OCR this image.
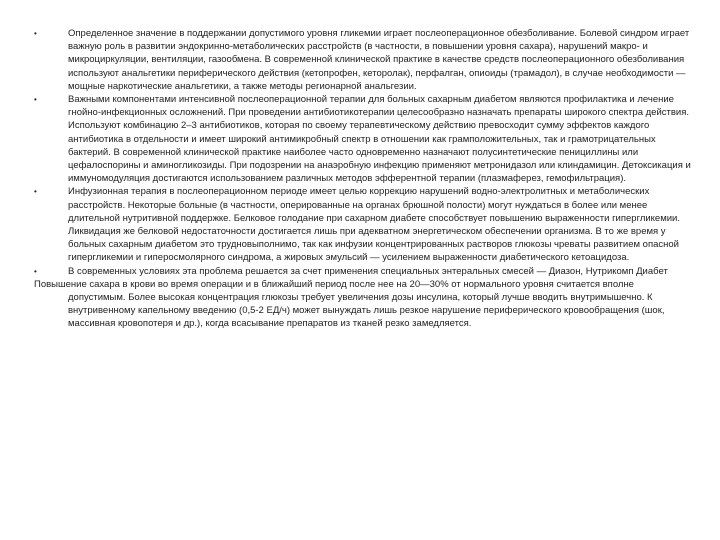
•	Определенное значение в поддержании допустимого уровня гликемии играет послеоперационное обезболивание. Болевой синдром играет важную роль в развитии эндокринно-метаболических расстройств (в частности, в повышении уровня сахара), нарушений макро- и микроциркуляции, вентиляции, газообмена. В современной клинической практике в качестве средств послеоперационного обезболивания используют анальгетики периферического действия (кетопрофен, кеторолак), перфалган, опиоиды (трамадол), в случае необходимости — мощные наркотические анальгетики, а также методы регионарной анальгезии.
•	Важными компонентами интенсивной послеоперационной терапии для больных сахарным диабетом являются профилактика и лечение гнойно-инфекционных осложнений. При проведении антибиотикотерапии целесообразно назначать препараты широкого спектра действия. Используют комбинацию 2–3 антибиотиков, которая по своему терапевтическому действию превосходит сумму эффектов каждого антибиотика в отдельности и имеет широкий антимикробный спектр в отношении как грамположительных, так и грамотрицательных бактерий. В современной клинической практике наиболее часто одновременно назначают полусинтетические пенициллины или цефалоспорины и аминогликозиды. При подозрении на анаэробную инфекцию применяют метронидазол или клиндамицин. Детоксикация и иммуномодуляция достигаются использованием различных методов эфферентной терапии (плазмаферез, гемофильтрация).
•	Инфузионная терапия в послеоперационном периоде имеет целью коррекцию нарушений водно-электролитных и метаболических расстройств. Некоторые больные (в частности, оперированные на органах брюшной полости) могут нуждаться в более или менее длительной нутритивной поддержке. Белковое голодание при сахарном диабете способствует повышению выраженности гипергликемии. Ликвидация же белковой недостаточности достигается лишь при адекватном энергетическом обеспечении организма. В то же время у больных сахарным диабетом это трудновыполнимо, так как инфузии концентрированных растворов глюкозы чреваты развитием опасной гипергликемии и гиперосмолярного синдрома, а жировых эмульсий — усилением выраженности диабетического кетоацидоза.
•	В современных условиях эта проблема решается за счет применения специальных энтеральных смесей — Диазон, Нутрикомп Диабет
Повышение сахара в крови во время операции и в ближайший период после нее на 20—30% от нормального уровня считается вполне допустимым. Более высокая концентрация глюкозы требует увеличения дозы инсулина, который лучше вводить внутримышечно. К внутривенному капельному введению (0,5-2 ЕД/ч) может вынуждать лишь резкое нарушение периферического кровообращения (шок, массивная кровопотеря и др.), когда всасывание препаратов из тканей резко замедляется.
